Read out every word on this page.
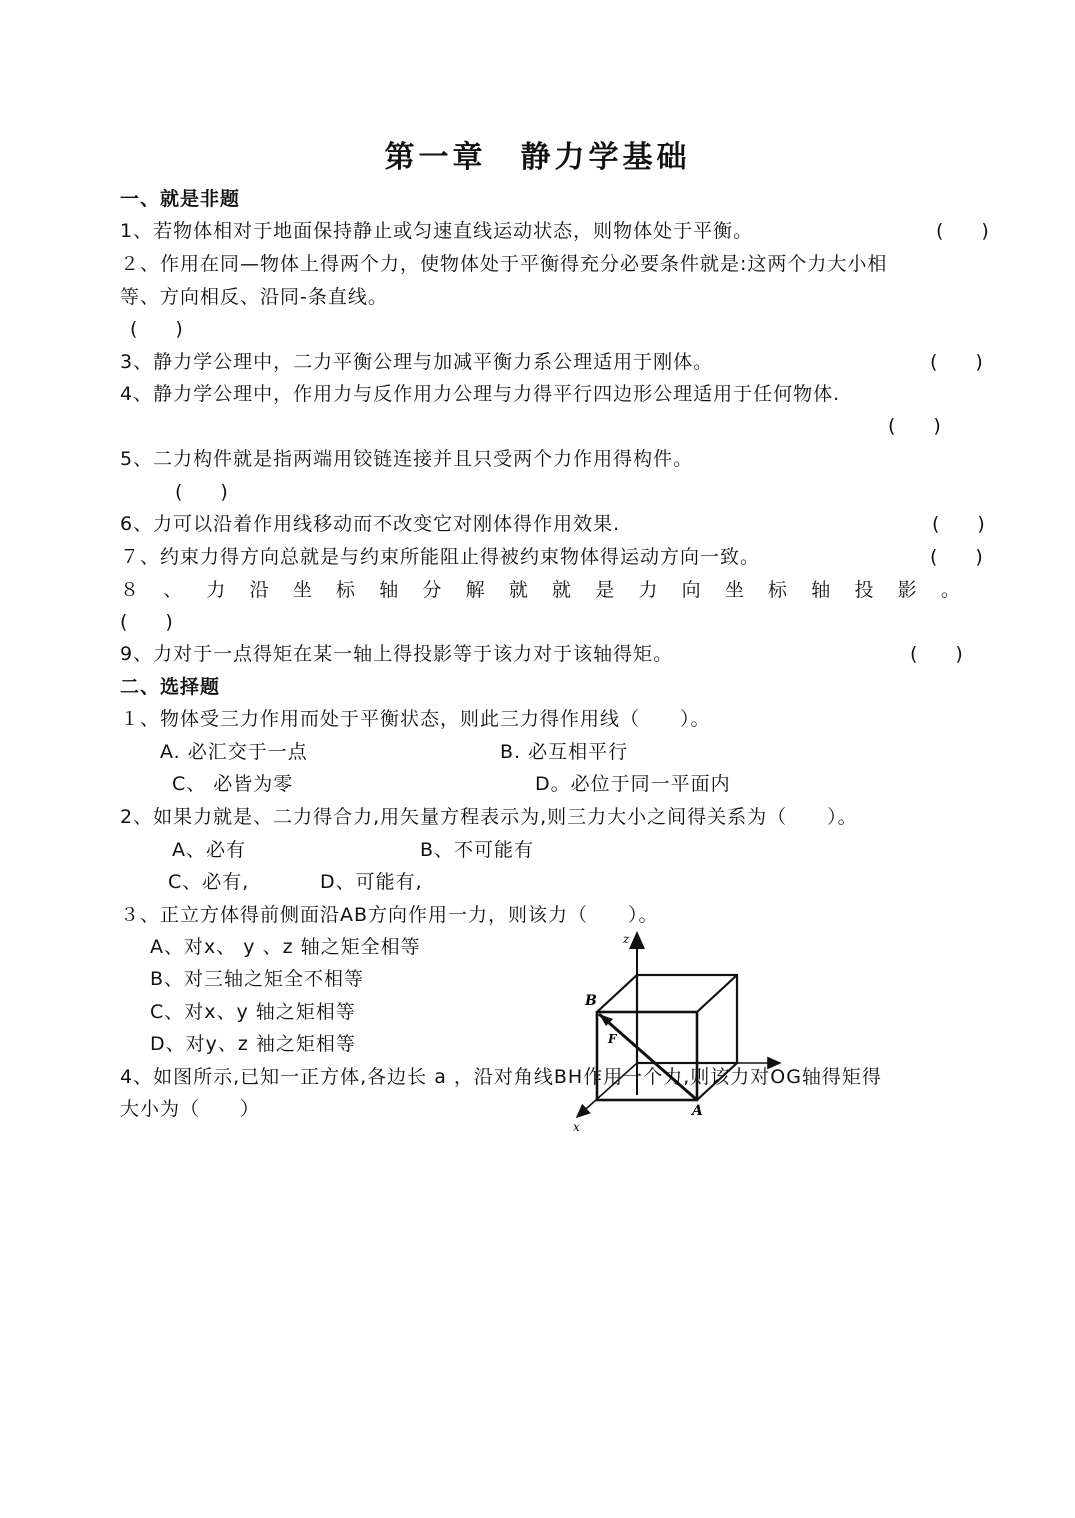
第一章　静力学基础
一、就是非题
1、若物体相对于地面保持静止或匀速直线运动状态，则物体处于平衡。	(　　)
２、作用在同—物体上得两个力，使物体处于平衡得充分必要条件就是:这两个力大小相
等、方向相反、沿同-条直线。
(　　)
3、静力学公理中，二力平衡公理与加减平衡力系公理适用于刚体。	(　　)
4、静力学公理中，作用力与反作用力公理与力得平行四边形公理适用于任何物体.
(　　)
5、二力构件就是指两端用铰链连接并且只受两个力作用得构件。
(　　)
6、力可以沿着作用线移动而不改变它对刚体得作用效果.	(　　)
７、约束力得方向总就是与约束所能阻止得被约束物体得运动方向一致。	(　　)
８ 、 力 沿 坐 标 轴 分 解 就 就 是 力 向 坐 标 轴 投 影 。
(　　)
9、力对于一点得矩在某一轴上得投影等于该力对于该轴得矩。	(　　)
二、选择题
１、物体受三力作用而处于平衡状态，则此三力得作用线（　　）。
A. 必汇交于一点	B. 必互相平行
C、 必皆为零	D。必位于同一平面内
2、如果力就是、二力得合力,用矢量方程表示为,则三力大小之间得关系为（　　）。
A、必有	B、不可能有
C、必有,	D、可能有,
３、正立方体得前侧面沿AB方向作用一力，则该力（　　）。
A、对x、 y 、z 轴之矩全相等
B、对三轴之矩全不相等
C、对x、y 轴之矩相等
D、对y、z 袖之矩相等
z
x
B
A
F
4、如图所示,已知一正方体,各边长 a ，沿对角线BH作用一个力,则该力对OG轴得矩得
大小为（　　）
